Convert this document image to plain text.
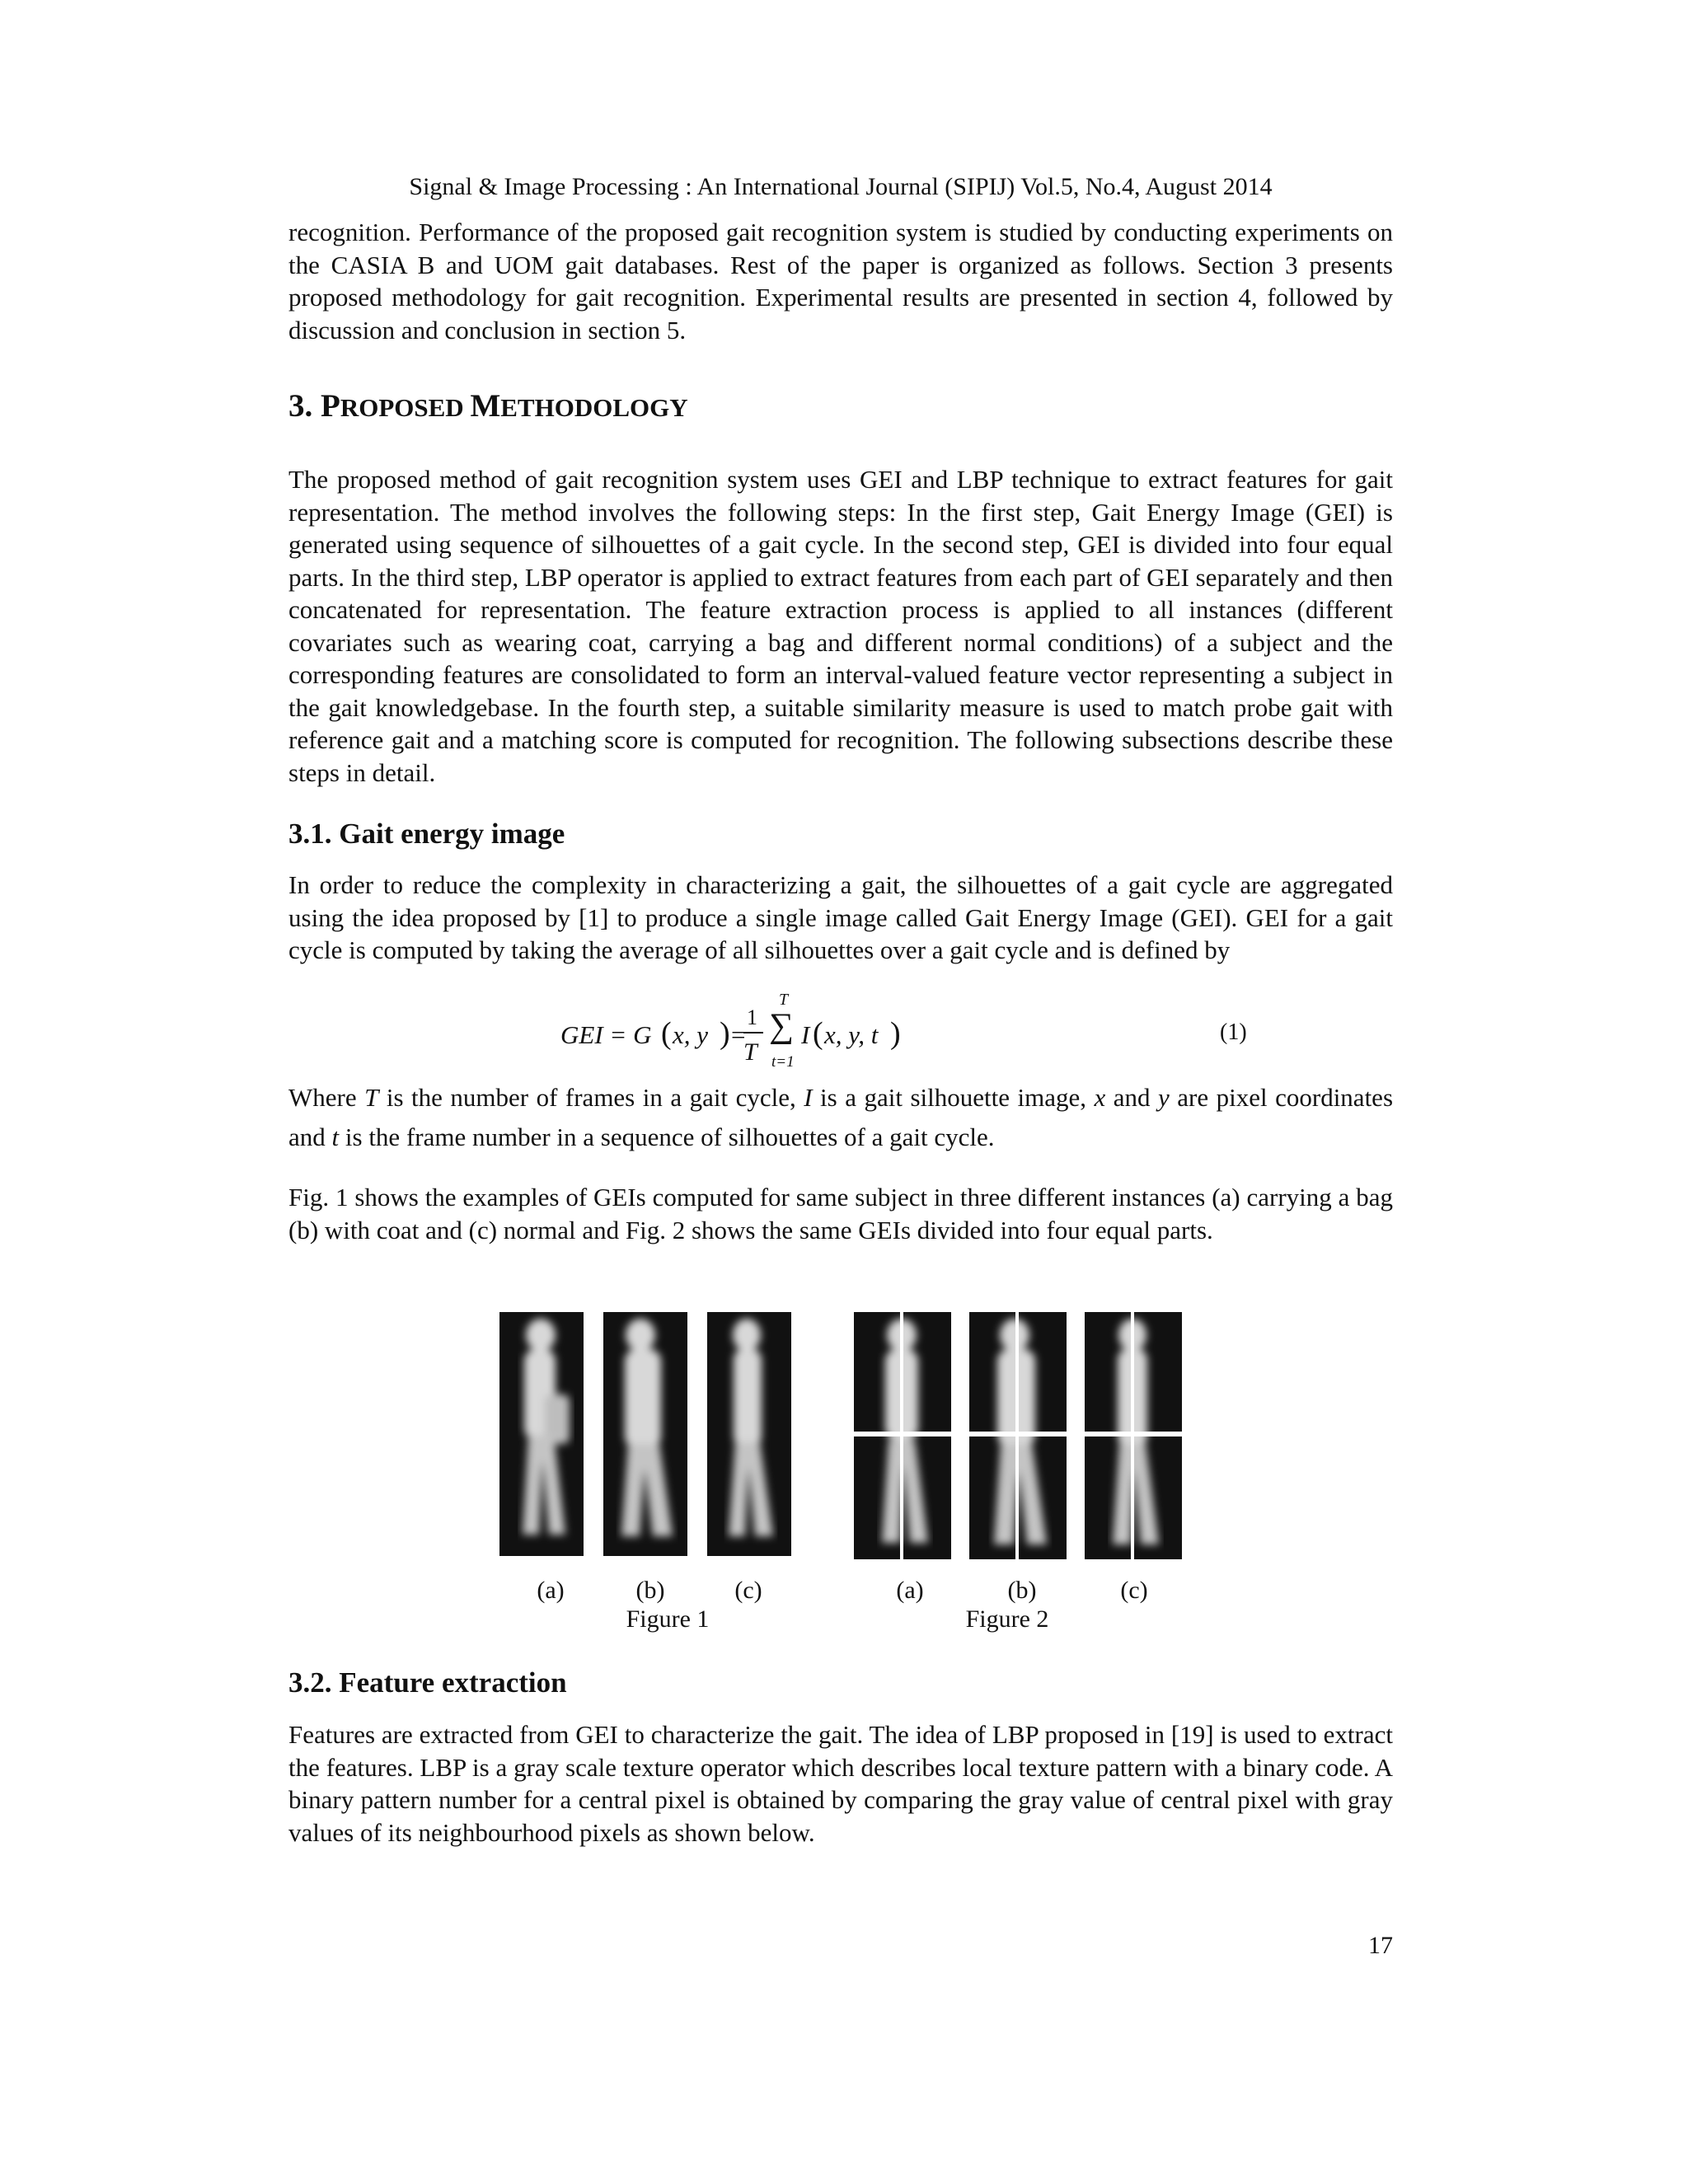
Signal & Image Processing : An International Journal (SIPIJ) Vol.5, No.4, August 2014

recognition. Performance of the proposed gait recognition system is studied by conducting experiments on the CASIA B and UOM gait databases. Rest of the paper is organized as follows. Section 3 presents proposed methodology for gait recognition. Experimental results are presented in section 4, followed by discussion and conclusion in section 5.

3. PROPOSED METHODOLOGY

The proposed method of gait recognition system uses GEI and LBP technique to extract features for gait representation. The method involves the following steps: In the first step, Gait Energy Image (GEI) is generated using sequence of silhouettes of a gait cycle. In the second step, GEI is divided into four equal parts. In the third step, LBP operator is applied to extract features from each part of GEI separately and then concatenated for representation. The feature extraction process is applied to all instances (different covariates such as wearing coat, carrying a bag and different normal conditions) of a subject and the corresponding features are consolidated to form an interval-valued feature vector representing a subject in the gait knowledgebase. In the fourth step, a suitable similarity measure is used to match probe gait with reference gait and a matching score is computed for recognition. The following subsections describe these steps in detail.

3.1. Gait energy image

In order to reduce the complexity in characterizing a gait, the silhouettes of a gait cycle are aggregated using the idea proposed by [1] to produce a single image called Gait Energy Image (GEI). GEI for a gait cycle is computed by taking the average of all silhouettes over a gait cycle and is defined by

GEI = G ( x, y ) =
1
T
T
∑
t=1
I ( x, y, t )	(1)

Where T is the number of frames in a gait cycle, I is a gait silhouette image, x and y are pixel coordinates and t is the frame number in a sequence of silhouettes of a gait cycle.

Fig. 1 shows the examples of GEIs computed for same subject in three different instances (a) carrying a bag (b) with coat and (c) normal and Fig. 2 shows the same GEIs divided into four equal parts.

(a)	(b)	(c)
Figure 1
(a)	(b)	(c)
Figure 2
3.2. Feature extraction

Features are extracted from GEI to characterize the gait. The idea of LBP proposed in [19] is used to extract the features. LBP is a gray scale texture operator which describes local texture pattern with a binary code. A binary pattern number for a central pixel is obtained by comparing the gray value of central pixel with gray values of its neighbourhood pixels as shown below.

17
